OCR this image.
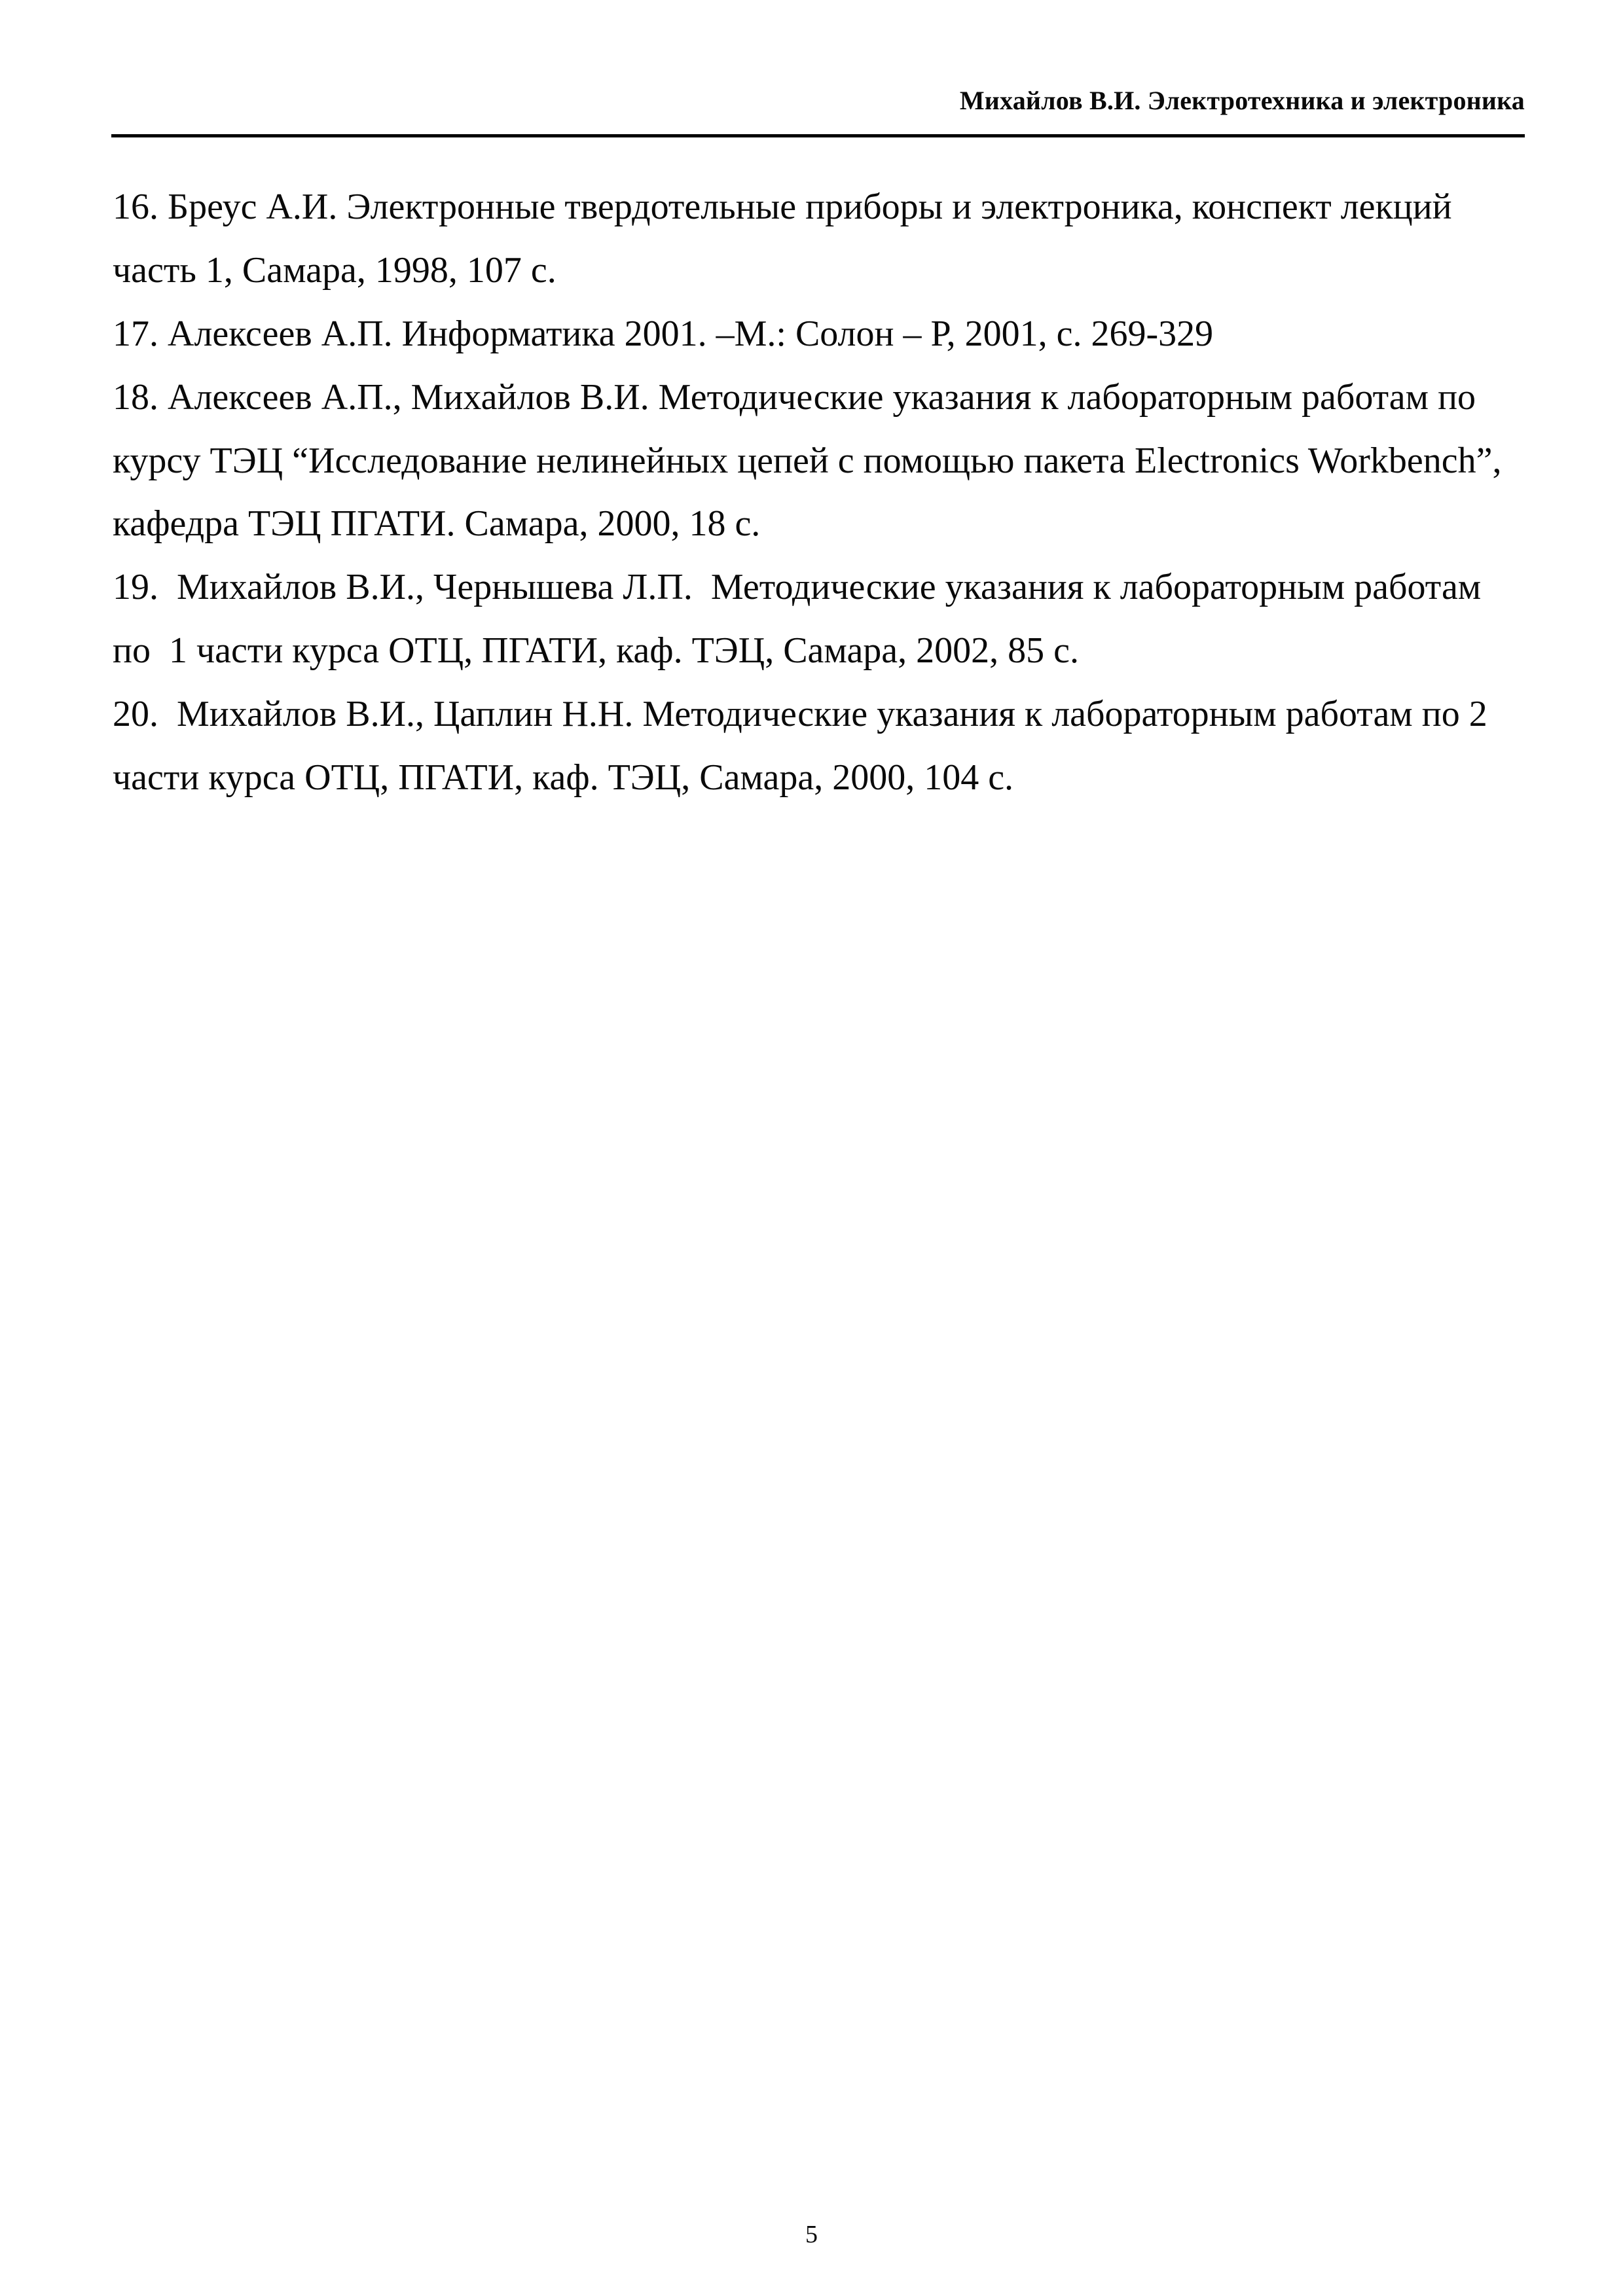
Михайлов В.И. Электротехника и электроника

16. Бреус А.И. Электронные твердотельные приборы и электроника, конспект лекций часть 1, Самара, 1998, 107 с.

17. Алексеев А.П. Информатика 2001. –М.: Солон – Р, 2001, с. 269-329

18. Алексеев А.П., Михайлов В.И. Методические указания к лабораторным работам по курсу ТЭЦ “Исследование нелинейных цепей с помощью пакета Electronics Workbench”, кафедра ТЭЦ ПГАТИ. Самара, 2000, 18 с.

19.  Михайлов В.И., Чернышева Л.П.  Методические указания к лабораторным работам по  1 части курса ОТЦ, ПГАТИ, каф. ТЭЦ, Самара, 2002, 85 с.

20.  Михайлов В.И., Цаплин Н.Н. Методические указания к лабораторным работам по 2 части курса ОТЦ, ПГАТИ, каф. ТЭЦ, Самара, 2000, 104 с.

5
